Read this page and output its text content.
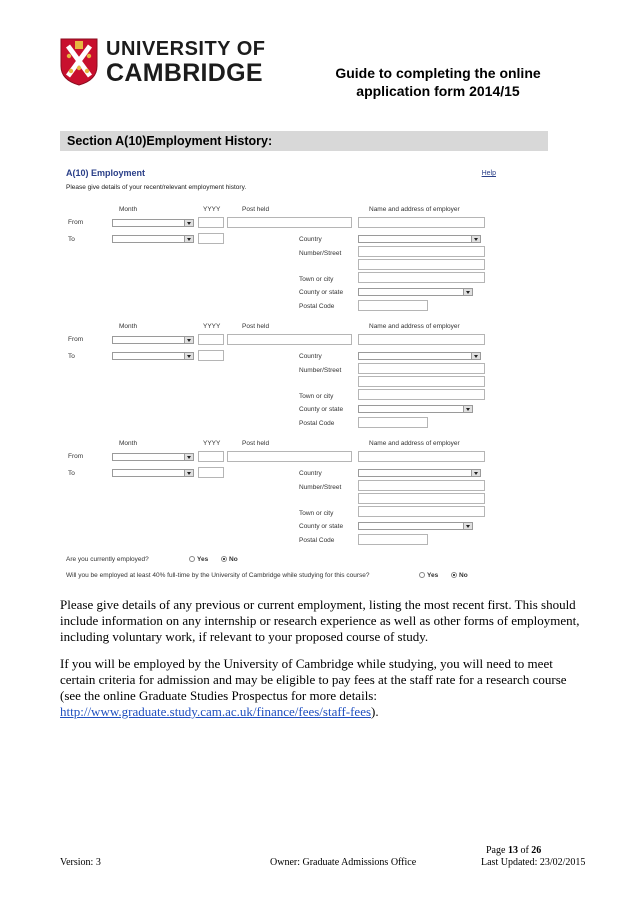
UNIVERSITY OF
CAMBRIDGE	Guide to completing the online
application form 2014/15
Section A(10)Employment History:
A(10) Employment	Help
Please give details of your recent/relevant employment history.
Month	YYYY	Post held	Name and address of employer
From
To	Country
Number/Street
Town or city
County or state
Postal Code
Month	YYYY	Post held	Name and address of employer
From
To	Country
Number/Street
Town or city
County or state
Postal Code
Month	YYYY	Post held	Name and address of employer
From
To	Country
Number/Street
Town or city
County or state
Postal Code
Are you currently employed?	Yes	No
Will you be employed at least 40% full-time by the University of Cambridge while studying for this course?	Yes	No
Please give details of any previous or current employment, listing the most recent first. This should include information on any internship or research experience as well as other forms of employment, including voluntary work, if relevant to your proposed course of study.
If you will be employed by the University of Cambridge while studying, you will need to meet certain criteria for admission and may be eligible to pay fees at the staff rate for a research course (see the online Graduate Studies Prospectus for more details: http://www.graduate.study.cam.ac.uk/finance/fees/staff-fees).
Page 13 of 26
Version: 3	Owner: Graduate Admissions Office	Last Updated: 23/02/2015
